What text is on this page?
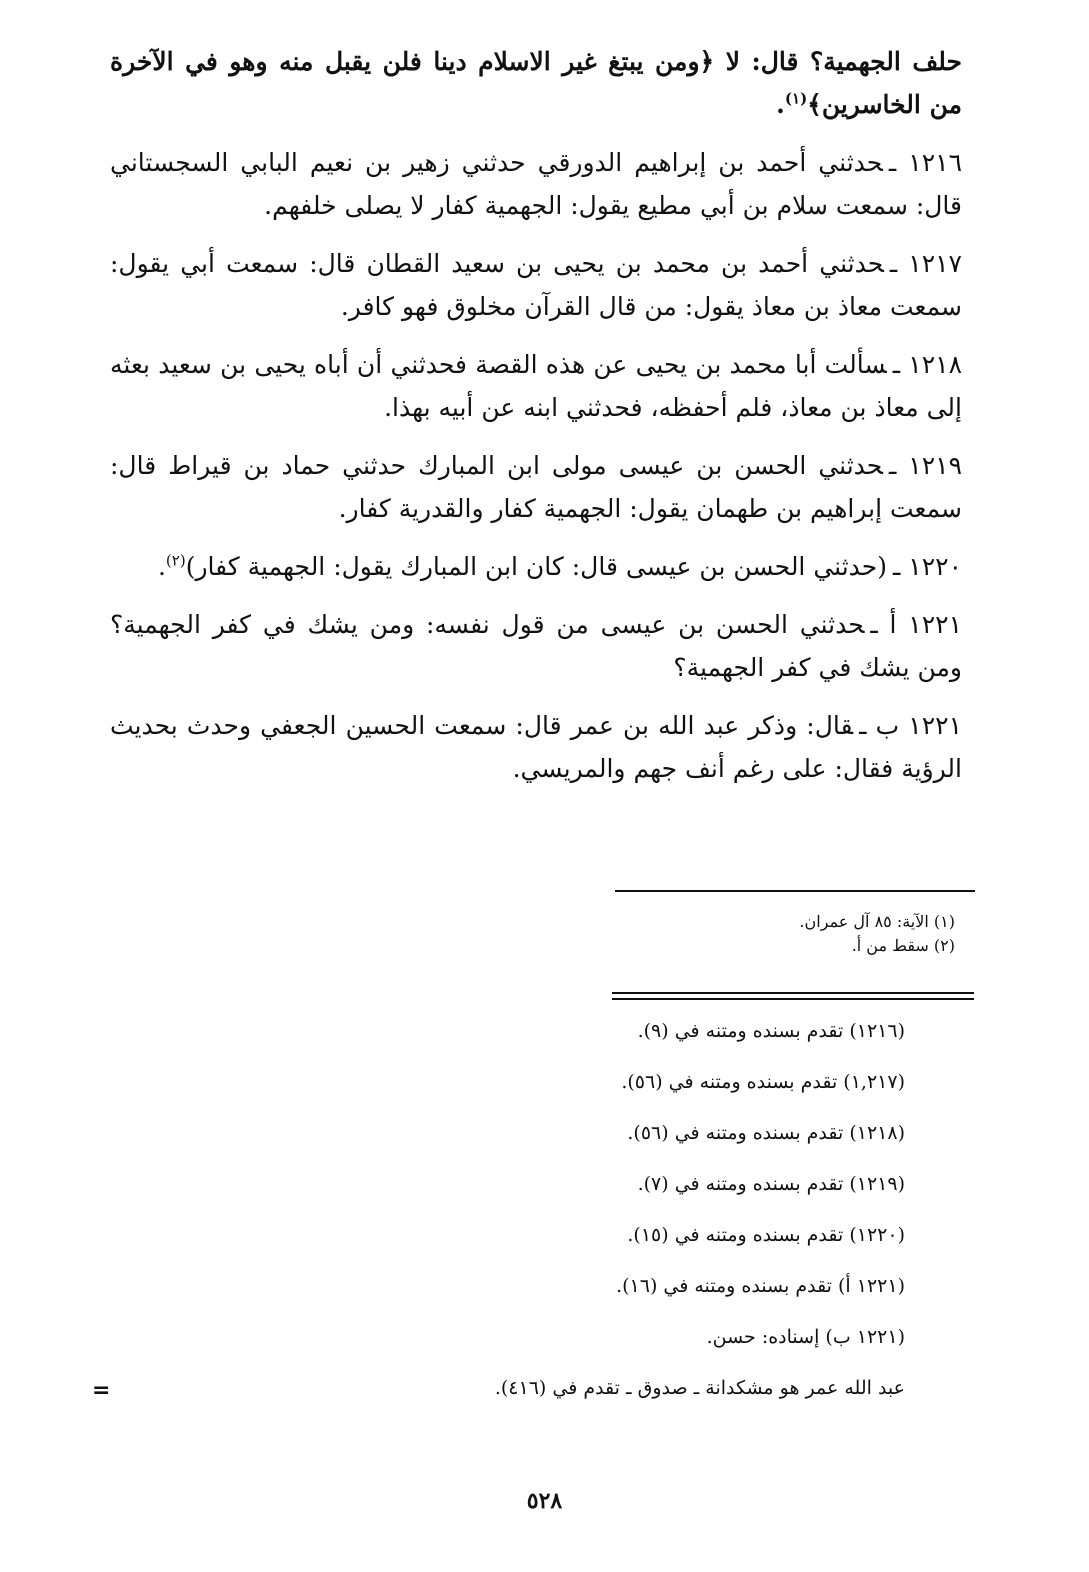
حلف الجهمية؟ قال: لا ﴿ومن يبتغ غير الاسلام دينا فلن يقبل منه وهو في الآخرة من الخاسرين﴾$^{(١)}$.

١٢١٦ ـحدثني أحمد بن إبراهيم الدورقي حدثني زهير بن نعيم البابي السجستاني قال: سمعت سلام بن أبي مطيع يقول: الجهمية كفار لا يصلى خلفهم.

١٢١٧ ـحدثني أحمد بن محمد بن يحيى بن سعيد القطان قال: سمعت أبي يقول: سمعت معاذ بن معاذ يقول: من قال القرآن مخلوق فهو كافر.

١٢١٨ ـسألت أبا محمد بن يحيى عن هذه القصة فحدثني أن أباه يحيى بن سعيد بعثه إلى معاذ بن معاذ، فلم أحفظه، فحدثني ابنه عن أبيه بهذا.

١٢١٩ ـحدثني الحسن بن عيسى مولى ابن المبارك حدثني حماد بن قيراط قال: سمعت إبراهيم بن طهمان يقول: الجهمية كفار والقدرية كفار.

١٢٢٠ ـ(حدثني الحسن بن عيسى قال: كان ابن المبارك يقول: الجهمية كفار)$^{(٢)}$.

١٢٢١ أ ـحدثني الحسن بن عيسى من قول نفسه: ومن يشك في كفر الجهمية؟ ومن يشك في كفر الجهمية؟

١٢٢١ ب ـقال: وذكر عبد الله بن عمر قال: سمعت الحسين الجعفي وحدث بحديث الرؤية فقال: على رغم أنف جهم والمريسي.

(١) الآية: ٨٥ آل عمران.
(٢) سقط من أ.
(١٢١٦) تقدم بسنده ومتنه في (٩).
(١,٢١٧) تقدم بسنده ومتنه في (٥٦).
(١٢١٨) تقدم بسنده ومتنه في (٥٦).
(١٢١٩) تقدم بسنده ومتنه في (٧).
(١٢٢٠) تقدم بسنده ومتنه في (١٥).
(١٢٢١ أ) تقدم بسنده ومتنه في (١٦).
(١٢٢١ ب) إسناده: حسن.
عبد الله عمر هو مشكدانة ـ صدوق ـ تقدم في (٤١٦).
=
٥٢٨
